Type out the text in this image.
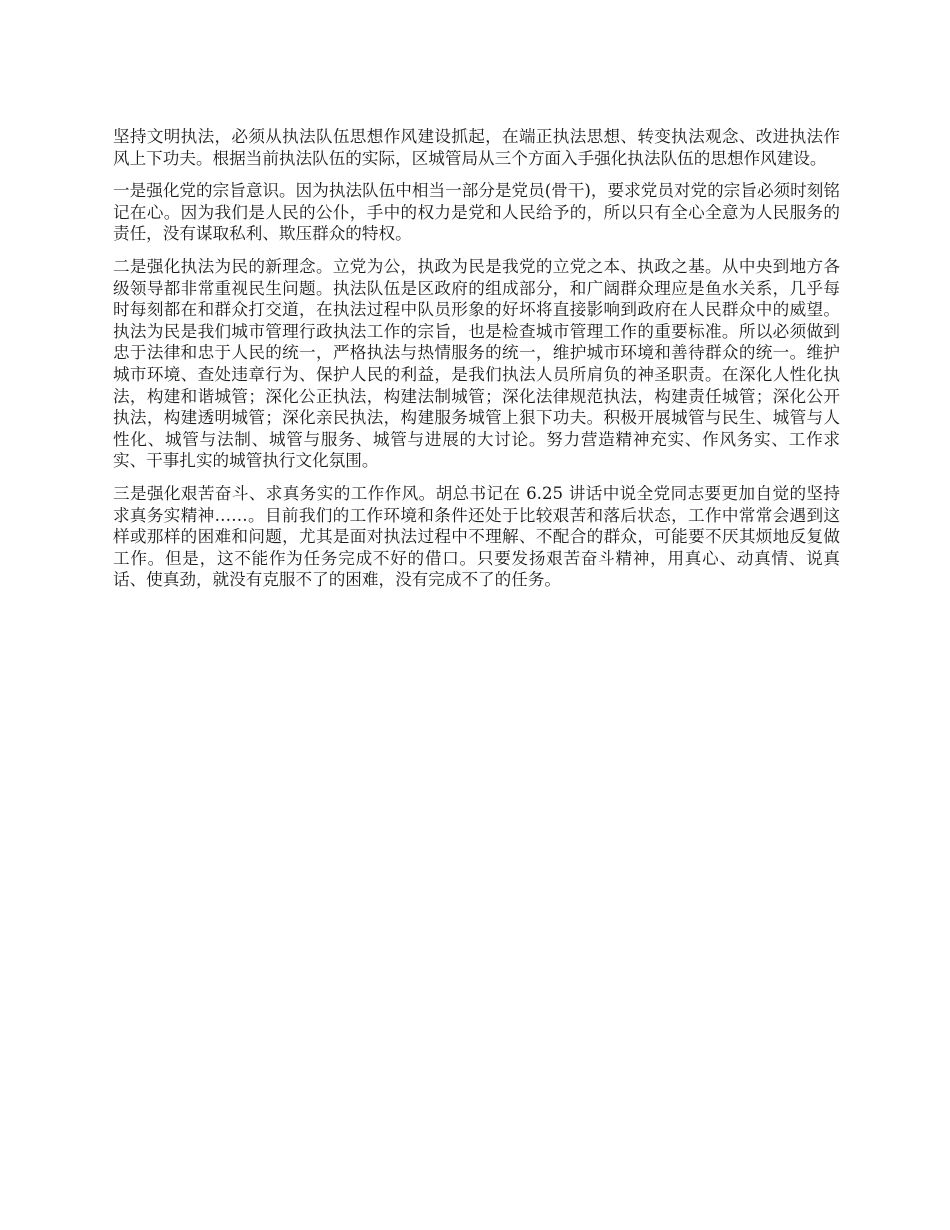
坚持文明执法，必须从执法队伍思想作风建设抓起，在端正执法思想、转变执法观念、改进执法作风上下功夫。根据当前执法队伍的实际，区城管局从三个方面入手强化执法队伍的思想作风建设。

一是强化党的宗旨意识。因为执法队伍中相当一部分是党员(骨干)，要求党员对党的宗旨必须时刻铭记在心。因为我们是人民的公仆，手中的权力是党和人民给予的，所以只有全心全意为人民服务的责任，没有谋取私利、欺压群众的特权。

二是强化执法为民的新理念。立党为公，执政为民是我党的立党之本、执政之基。从中央到地方各级领导都非常重视民生问题。执法队伍是区政府的组成部分，和广阔群众理应是鱼水关系，几乎每时每刻都在和群众打交道，在执法过程中队员形象的好坏将直接影响到政府在人民群众中的威望。执法为民是我们城市管理行政执法工作的宗旨，也是检查城市管理工作的重要标准。所以必须做到忠于法律和忠于人民的统一，严格执法与热情服务的统一，维护城市环境和善待群众的统一。维护城市环境、查处违章行为、保护人民的利益，是我们执法人员所肩负的神圣职责。在深化人性化执法，构建和谐城管；深化公正执法，构建法制城管；深化法律规范执法，构建责任城管；深化公开执法，构建透明城管；深化亲民执法，构建服务城管上狠下功夫。积极开展城管与民生、城管与人性化、城管与法制、城管与服务、城管与进展的大讨论。努力营造精神充实、作风务实、工作求实、干事扎实的城管执行文化氛围。

三是强化艰苦奋斗、求真务实的工作作风。胡总书记在 6.25 讲话中说全党同志要更加自觉的坚持求真务实精神……。目前我们的工作环境和条件还处于比较艰苦和落后状态，工作中常常会遇到这样或那样的困难和问题，尤其是面对执法过程中不理解、不配合的群众，可能要不厌其烦地反复做工作。但是，这不能作为任务完成不好的借口。只要发扬艰苦奋斗精神，用真心、动真情、说真话、使真劲，就没有克服不了的困难，没有完成不了的任务。
